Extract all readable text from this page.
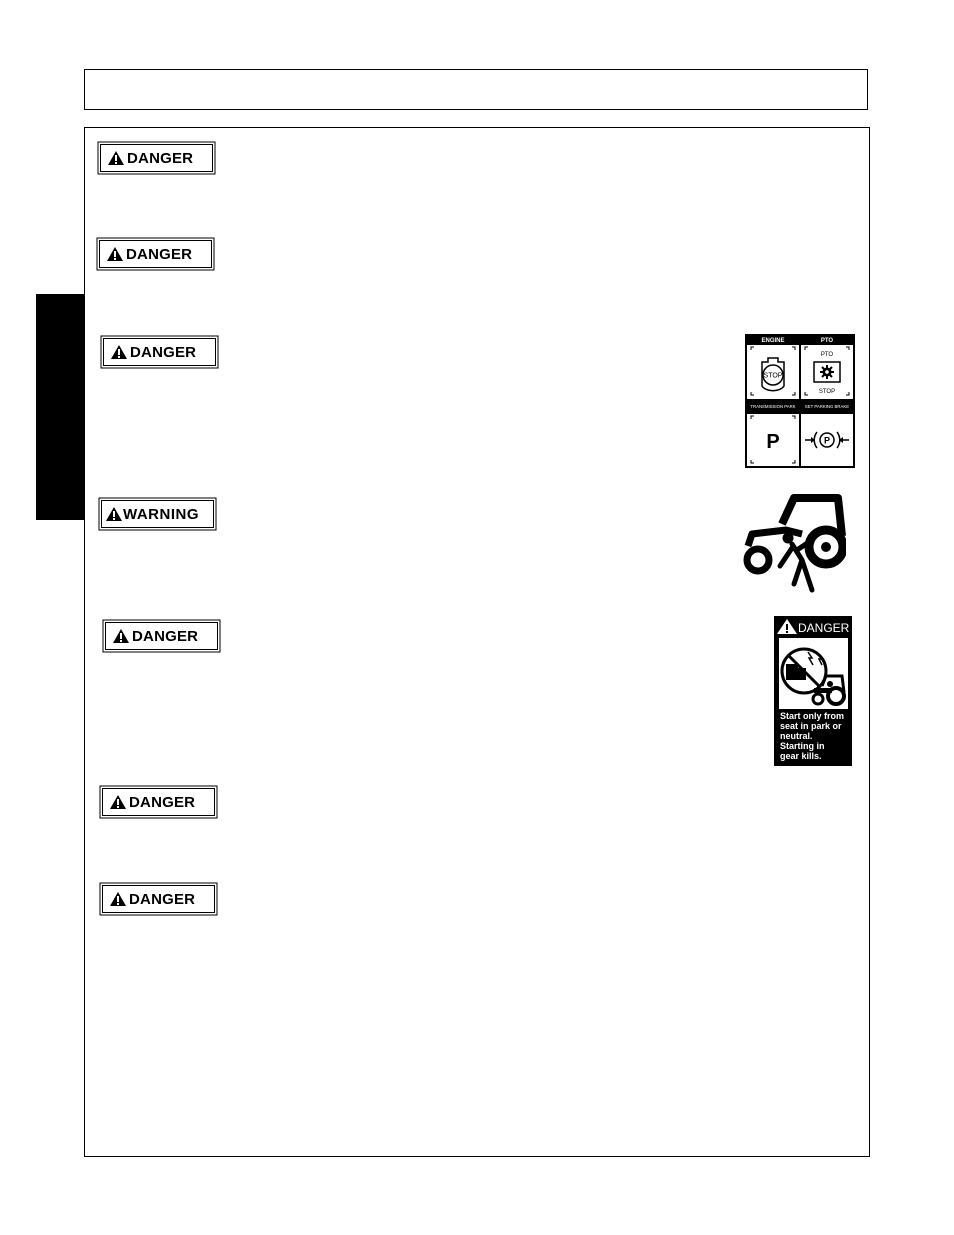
DANGER
DANGER
DANGER
WARNING
DANGER
DANGER
DANGER
ENGINE
STOP
PTO
PTO
STOP
TRANSMISSION PARK
P
SET PARKING BRAKE
P
DANGER
Start only from
seat in park or
neutral.
Starting in
gear kills.
